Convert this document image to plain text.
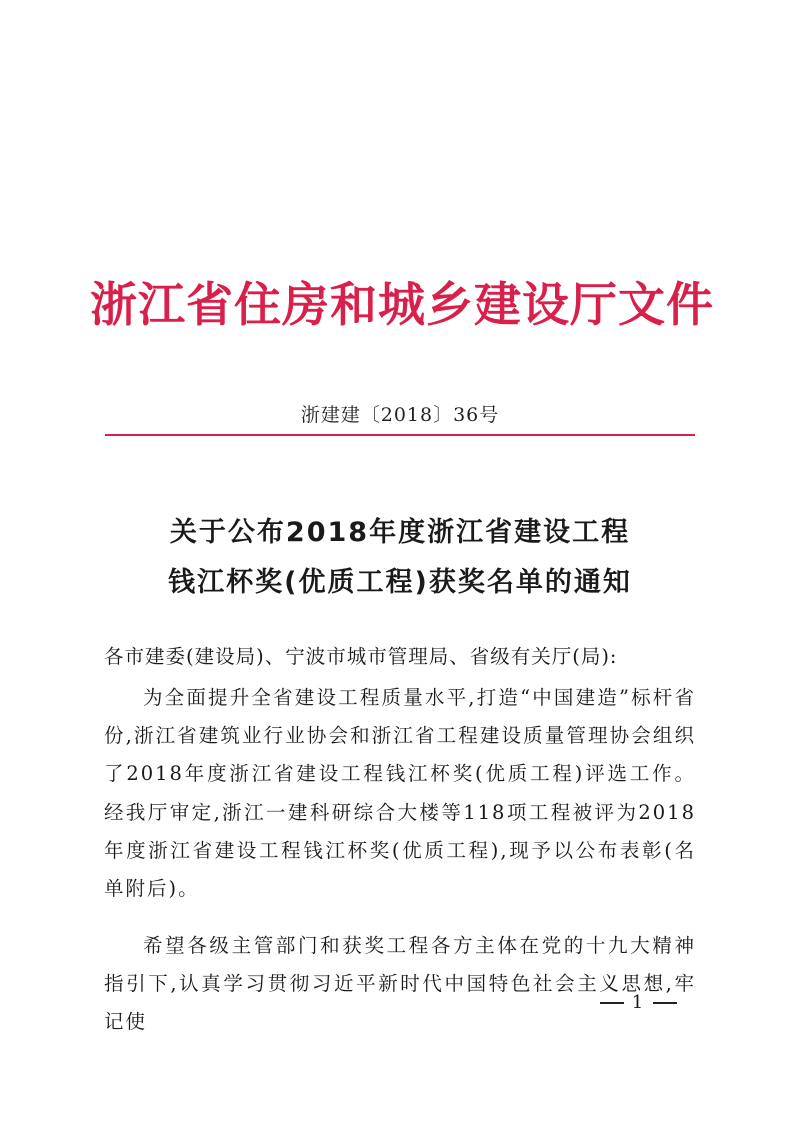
浙江省住房和城乡建设厅文件
浙建建〔2018〕36号
关于公布2018年度浙江省建设工程
钱江杯奖(优质工程)获奖名单的通知
各市建委(建设局)、宁波市城市管理局、省级有关厅(局):
为全面提升全省建设工程质量水平,打造“中国建造”标杆省份,浙江省建筑业行业协会和浙江省工程建设质量管理协会组织了2018年度浙江省建设工程钱江杯奖(优质工程)评选工作。经我厅审定,浙江一建科研综合大楼等118项工程被评为2018年度浙江省建设工程钱江杯奖(优质工程),现予以公布表彰(名单附后)。
希望各级主管部门和获奖工程各方主体在党的十九大精神指引下,认真学习贯彻习近平新时代中国特色社会主义思想,牢记使
1
